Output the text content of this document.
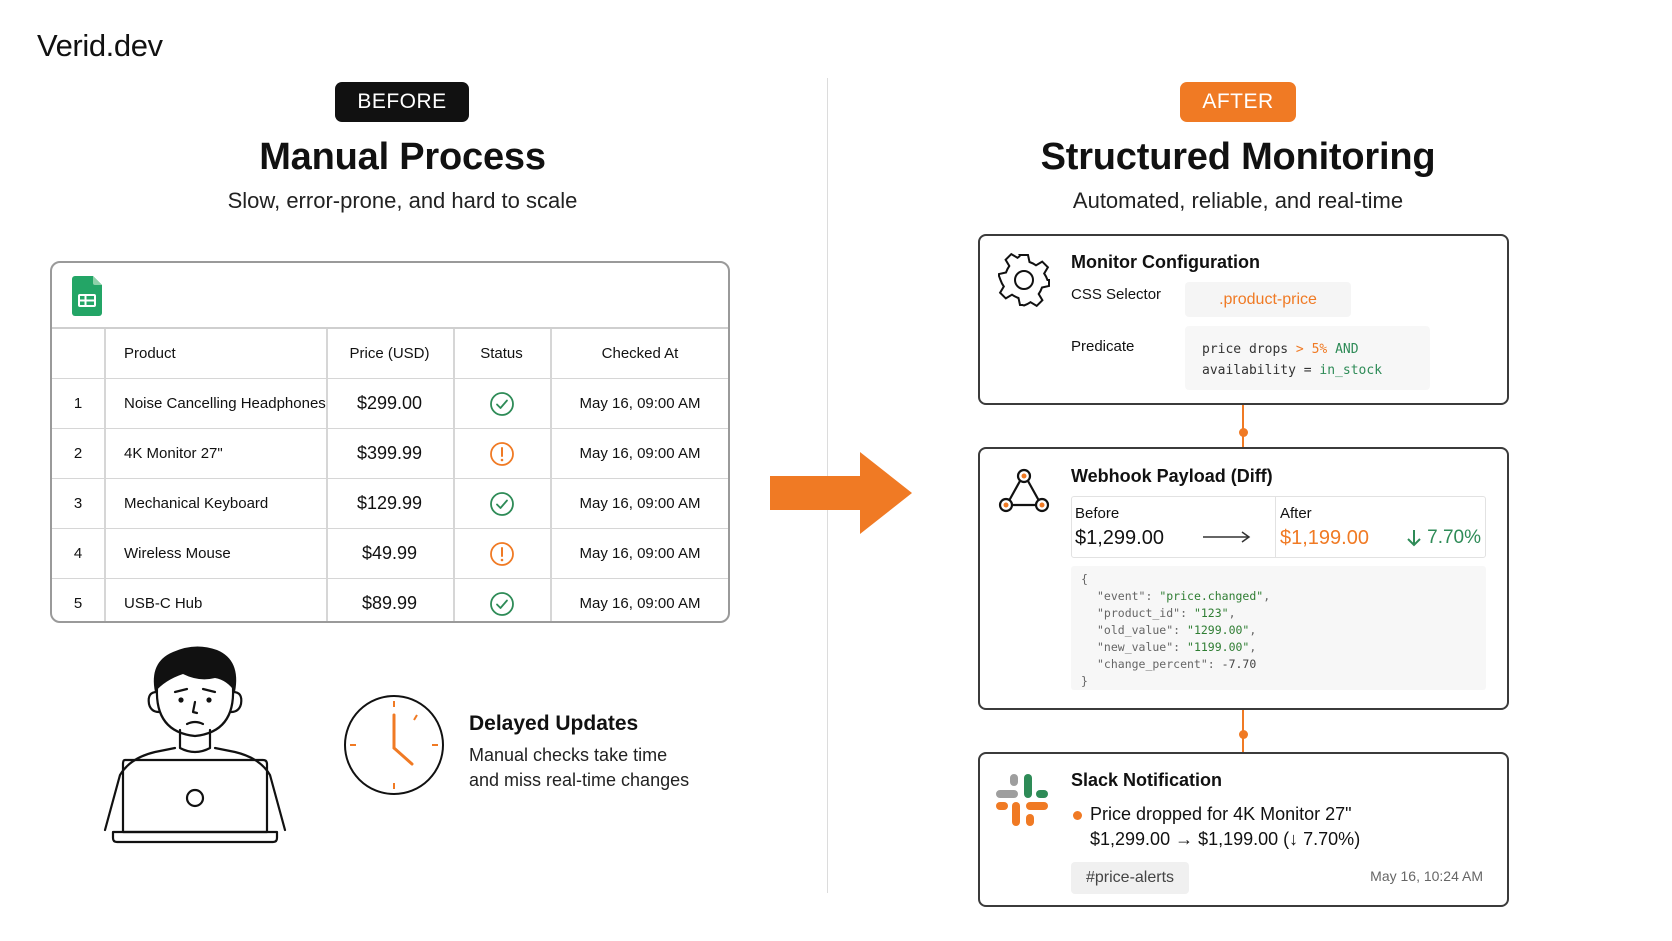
Verid.dev
BEFORE
Manual Process
Slow, error-prone, and hard to scale
Product	Price (USD)	Status	Checked At
1	Noise Cancelling Headphones	$299.00	May 16, 09:00 AM
2	4K Monitor 27"	$399.99	May 16, 09:00 AM
3	Mechanical Keyboard	$129.99	May 16, 09:00 AM
4	Wireless Mouse	$49.99	May 16, 09:00 AM
5	USB-C Hub	$89.99	May 16, 09:00 AM
Delayed Updates
Manual checks take time
and miss real-time changes
AFTER
Structured Monitoring
Automated, reliable, and real-time
Monitor Configuration
CSS Selector	.product-price
Predicate	price drops > 5% AND
availability = in_stock
Webhook Payload (Diff)
Before
$1,299.00
After
$1,199.00	7.70%
{
"event": "price.changed",
"product_id": "123",
"old_value": "1299.00",
"new_value": "1199.00",
"change_percent": -7.70
}
Slack Notification
Price dropped for 4K Monitor 27"
$1,299.00 → $1,199.00 (↓ 7.70%)
#price-alerts	May 16, 10:24 AM
